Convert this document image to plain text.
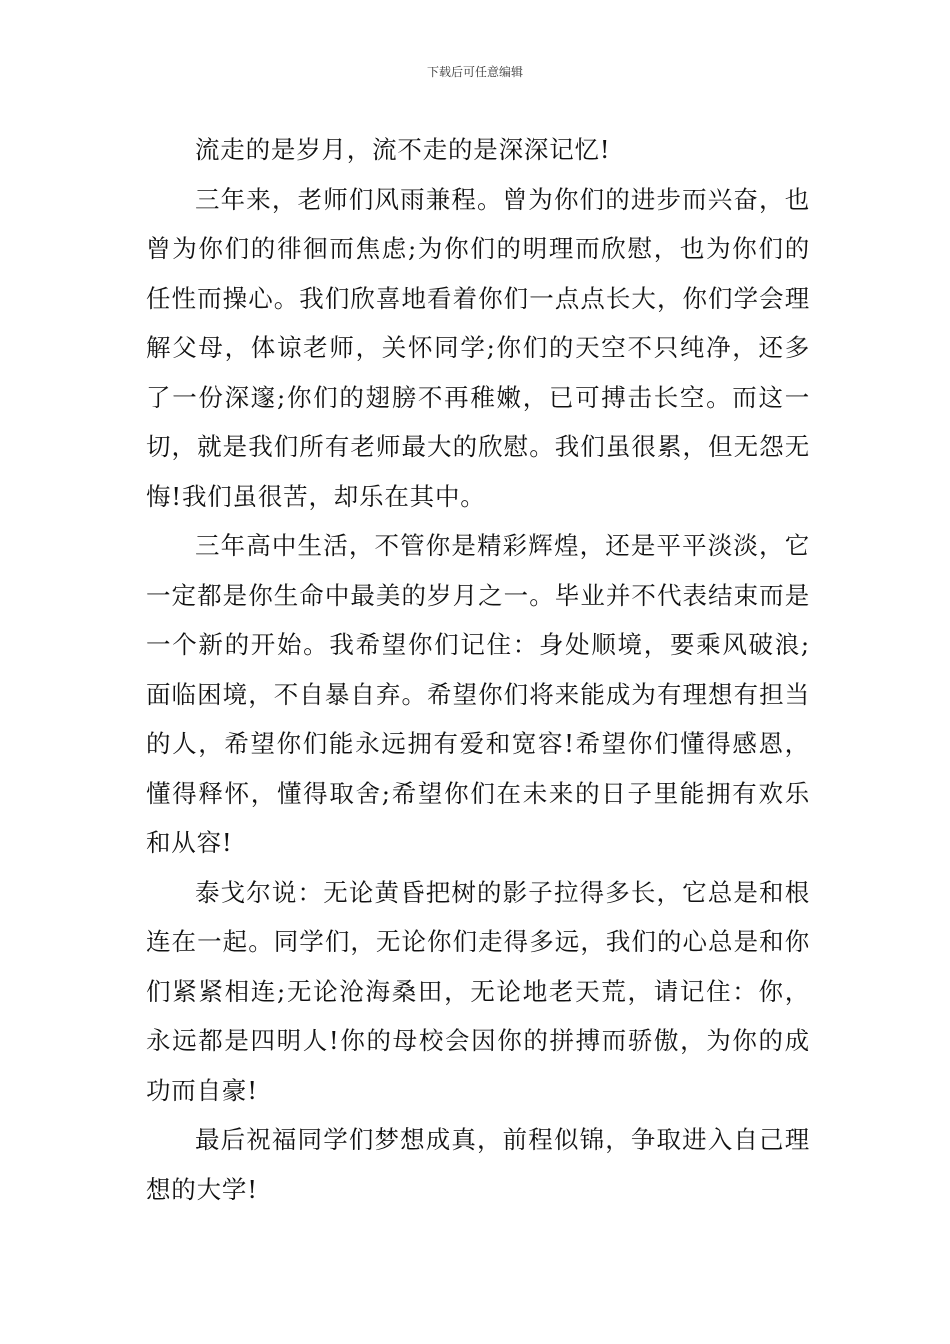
下载后可任意编辑

流走的是岁月，流不走的是深深记忆!

三年来，老师们风雨兼程。曾为你们的进步而兴奋，也曾为你们的徘徊而焦虑;为你们的明理而欣慰，也为你们的任性而操心。我们欣喜地看着你们一点点长大，你们学会理解父母，体谅老师，关怀同学;你们的天空不只纯净，还多了一份深邃;你们的翅膀不再稚嫩，已可搏击长空。而这一切，就是我们所有老师最大的欣慰。我们虽很累，但无怨无悔!我们虽很苦，却乐在其中。

三年高中生活，不管你是精彩辉煌，还是平平淡淡，它一定都是你生命中最美的岁月之一。毕业并不代表结束而是一个新的开始。我希望你们记住：身处顺境，要乘风破浪;面临困境，不自暴自弃。希望你们将来能成为有理想有担当的人，希望你们能永远拥有爱和宽容!希望你们懂得感恩，懂得释怀，懂得取舍;希望你们在未来的日子里能拥有欢乐和从容!

泰戈尔说：无论黄昏把树的影子拉得多长，它总是和根连在一起。同学们，无论你们走得多远，我们的心总是和你们紧紧相连;无论沧海桑田，无论地老天荒，请记住：你，永远都是四明人!你的母校会因你的拼搏而骄傲，为你的成功而自豪!

最后祝福同学们梦想成真，前程似锦，争取进入自己理想的大学!
